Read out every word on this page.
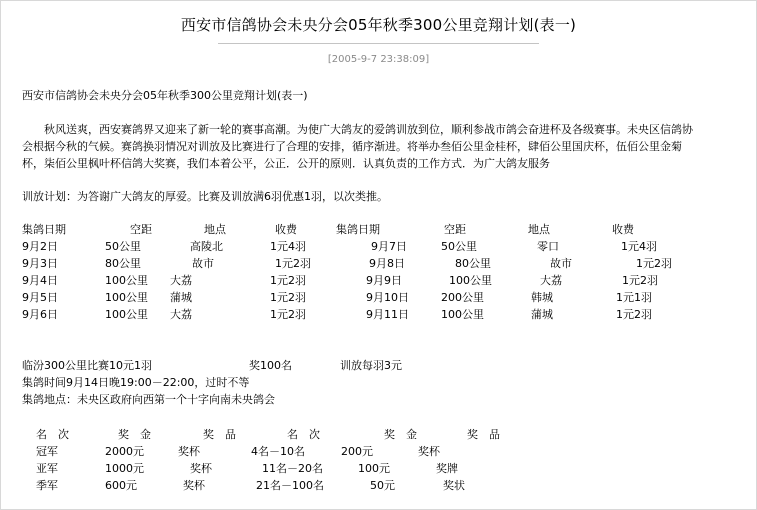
西安市信鸽协会未央分会05年秋季300公里竞翔计划(表一)
[2005-9-7 23:38:09]
西安市信鸽协会未央分会05年秋季300公里竞翔计划(表一)
秋风送爽，西安赛鸽界又迎来了新一轮的赛事高潮。为使广大鸽友的爱鸽训放到位，顺利参战市鸽会奋进杯及各级赛事。未央区信鸽协
会根据今秋的气候。赛鸽换羽情况对训放及比赛进行了合理的安排，循序渐进。将举办叁佰公里金桂杯，肆佰公里国庆杯，伍佰公里金菊
杯，柒佰公里枫叶杯信鸽大奖赛，我们本着公平，公正．公开的原则．认真负责的工作方式．为广大鸽友服务
训放计划：为答谢广大鸽友的厚爱。比赛及训放满6羽优惠1羽，以次类推。
集鸽日期	空距	地点	收费	集鸽日期	空距	地点	收费
9月2日	50公里	高陵北	1元4羽	9月7日	50公里	零口	1元4羽
9月3日	80公里	故市	1元2羽	9月8日	80公里	故市	1元2羽
9月4日	100公里 大荔	1元2羽	9月9日	100公里	大荔	1元2羽
9月5日	100公里 蒲城	1元2羽	9月10日	200公里	韩城	1元1羽
9月6日	100公里 大荔	1元2羽	9月11日	100公里	蒲城	1元2羽
临汾300公里比赛10元1羽	奖100名	训放每羽3元
集鸽时间9月14日晚19:00－22:00，过时不等
集鸽地点：未央区政府向西第一个十字向南未央鸽会
名　次	奖　金	奖　品	名　次	奖　金	奖　品
冠军	2000元	奖杯	4名－10名	200元	奖杯
亚军	1000元	奖杯	11名－20名	100元	奖牌
季军	600元	奖杯	21名－100名	50元	奖状
